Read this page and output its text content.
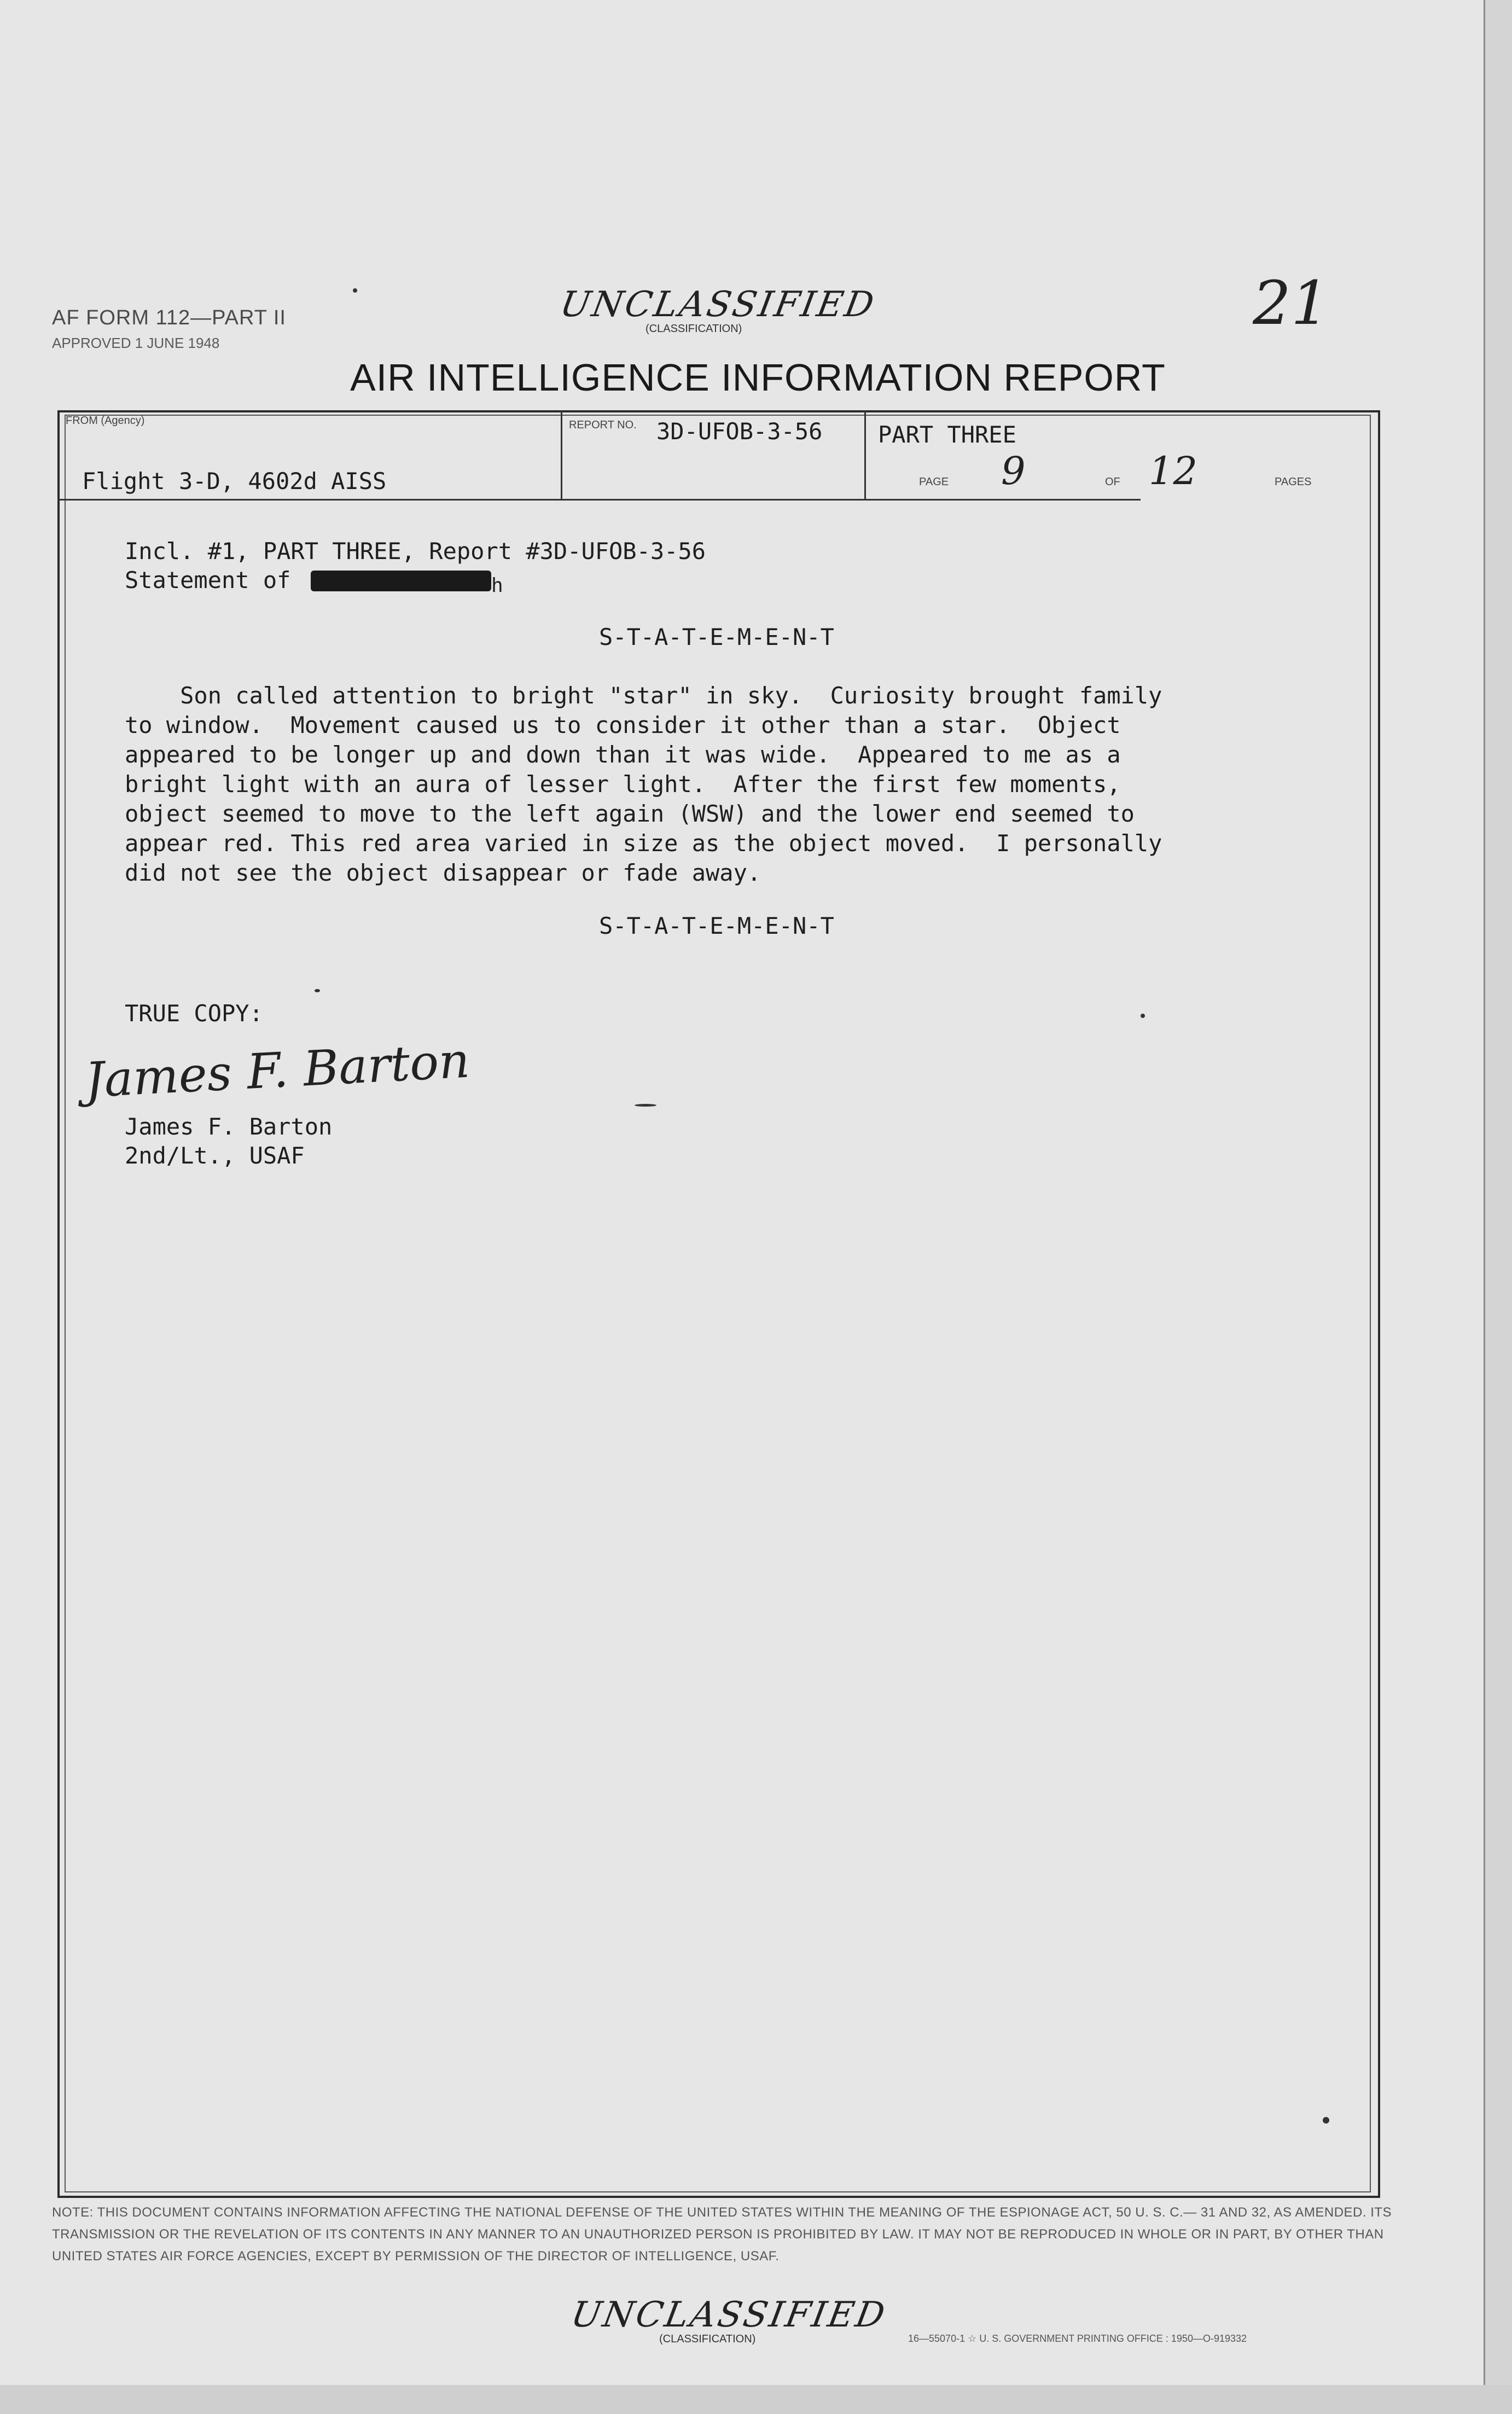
AF FORM 112—PART II
APPROVED 1 JUNE 1948
UNCLASSIFIED
(CLASSIFICATION)	21
AIR INTELLIGENCE INFORMATION REPORT
FROM (Agency)
Flight 3-D, 4602d AISS
REPORT NO. 3D-UFOB-3-56 PART THREE
PAGE 9	OF 12	PAGES
Incl. #1, PART THREE, Report #3D-UFOB-3-56
Statement of	h
S-T-A-T-E-M-E-N-T
Son called attention to bright "star" in sky.  Curiosity brought family
to window.  Movement caused us to consider it other than a star.  Object
appeared to be longer up and down than it was wide.  Appeared to me as a
bright light with an aura of lesser light.  After the first few moments,
object seemed to move to the left again (WSW) and the lower end seemed to
appear red. This red area varied in size as the object moved.  I personally
did not see the object disappear or fade away.
S-T-A-T-E-M-E-N-T
TRUE COPY:
James F. Barton
James F. Barton
2nd/Lt., USAF
NOTE: THIS DOCUMENT CONTAINS INFORMATION AFFECTING THE NATIONAL DEFENSE OF THE UNITED STATES WITHIN THE MEANING OF THE ESPIONAGE ACT, 50 U. S. C.— 31 AND 32, AS AMENDED. ITS TRANSMISSION OR THE REVELATION OF ITS CONTENTS IN ANY MANNER TO AN UNAUTHORIZED PERSON IS PROHIBITED BY LAW. IT MAY NOT BE REPRODUCED IN WHOLE OR IN PART, BY OTHER THAN UNITED STATES AIR FORCE AGENCIES, EXCEPT BY PERMISSION OF THE DIRECTOR OF INTELLIGENCE, USAF.
UNCLASSIFIED
(CLASSIFICATION)	16—55070-1 ☆ U. S. GOVERNMENT PRINTING OFFICE : 1950—O-919332
